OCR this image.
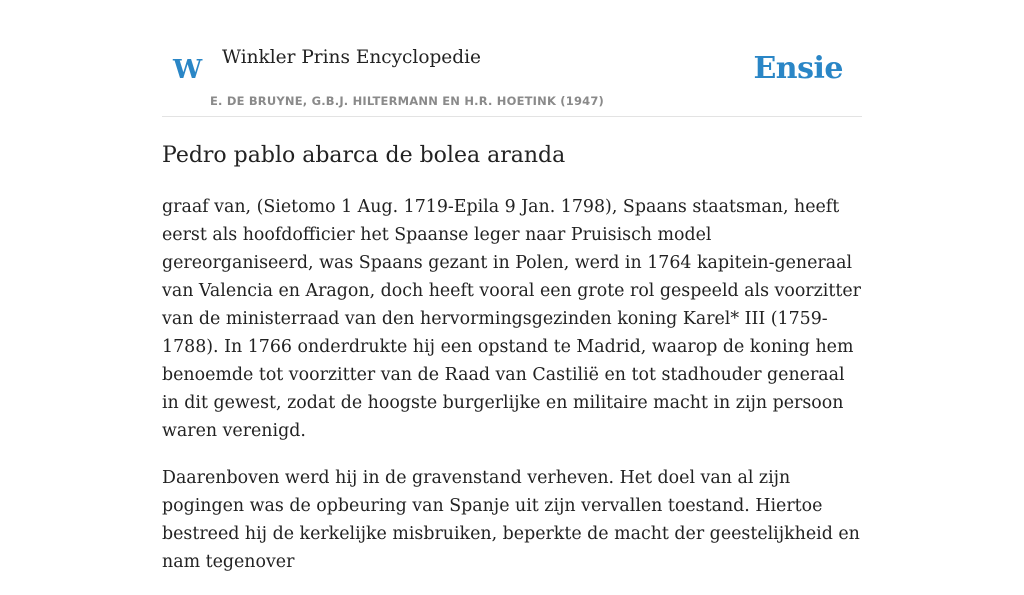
W Winkler Prins Encyclopedie
E. DE BRUYNE, G.B.J. HILTERMANN EN H.R. HOETINK (1947)
Ensie
Pedro pablo abarca de bolea aranda

graaf van, (Sietomo 1 Aug. 1719-Epila 9 Jan. 1798), Spaans staatsman, heeft eerst als hoofdofficier het Spaanse leger naar Pruisisch model gereorganiseerd, was Spaans gezant in Polen, werd in 1764 kapitein-generaal van Valencia en Aragon, doch heeft vooral een grote rol gespeeld als voorzitter van de ministerraad van den hervormingsgezinden koning Karel* III (1759-1788). In 1766 onderdrukte hij een opstand te Madrid, waarop de koning hem benoemde tot voorzitter van de Raad van Castilië en tot stadhouder generaal in dit gewest, zodat de hoogste burgerlijke en militaire macht in zijn persoon waren verenigd.

Daarenboven werd hij in de gravenstand verheven. Het doel van al zijn pogingen was de opbeuring van Spanje uit zijn vervallen toestand. Hiertoe bestreed hij de kerkelijke misbruiken, beperkte de macht der geestelijkheid en nam tegenover
